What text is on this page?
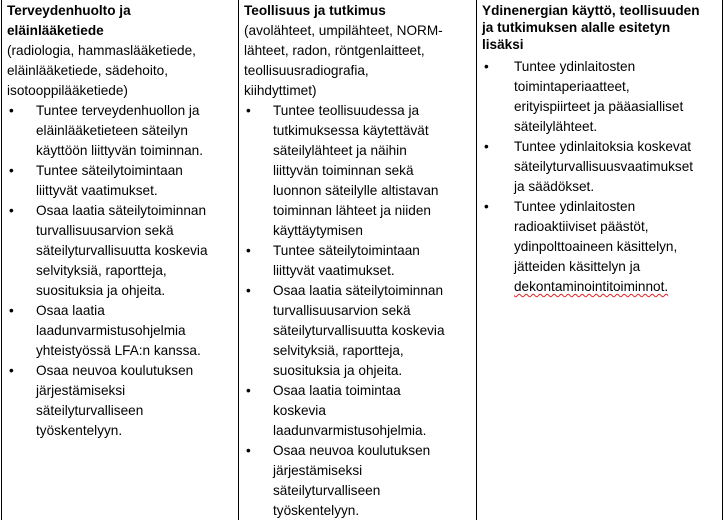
Terveydenhuolto ja
eläinlääketiede
(radiologia, hammaslääketiede,
eläinlääketiede, sädehoito,
isotooppilääketiede)
• Tuntee terveydenhuollon ja
eläinlääketieteen säteilyn
käyttöön liittyvän toiminnan.
• Tuntee säteilytoimintaan
liittyvät vaatimukset.
• Osaa laatia säteilytoiminnan
turvallisuusarvion sekä
säteilyturvallisuutta koskevia
selvityksiä, raportteja,
suosituksia ja ohjeita.
• Osaa laatia
laadunvarmistusohjelmia
yhteistyössä LFA:n kanssa.
• Osaa neuvoa koulutuksen
järjestämiseksi
säteilyturvalliseen
työskentelyyn.
Teollisuus ja tutkimus
(avolähteet, umpilähteet, NORM-
lähteet, radon, röntgenlaitteet,
teollisuusradiografia,
kiihdyttimet)
• Tuntee teollisuudessa ja
tutkimuksessa käytettävät
säteilylähteet ja näihin
liittyvän toiminnan sekä
luonnon säteilylle altistavan
toiminnan lähteet ja niiden
käyttäytymisen
• Tuntee säteilytoimintaan
liittyvät vaatimukset.
• Osaa laatia säteilytoiminnan
turvallisuusarvion sekä
säteilyturvallisuutta koskevia
selvityksiä, raportteja,
suosituksia ja ohjeita.
• Osaa laatia toimintaa
koskevia
laadunvarmistusohjelmia.
• Osaa neuvoa koulutuksen
järjestämiseksi
säteilyturvalliseen
työskentelyyn.
Ydinenergian käyttö, teollisuuden
ja tutkimuksen alalle esitetyn
lisäksi
• Tuntee ydinlaitosten
toimintaperiaatteet,
erityispiirteet ja pääasialliset
säteilylähteet.
• Tuntee ydinlaitoksia koskevat
säteilyturvallisuusvaatimukset
ja säädökset.
• Tuntee ydinlaitosten
radioaktiiviset päästöt,
ydinpolttoaineen käsittelyn,
jätteiden käsittelyn ja
dekontaminointitoiminnot.
